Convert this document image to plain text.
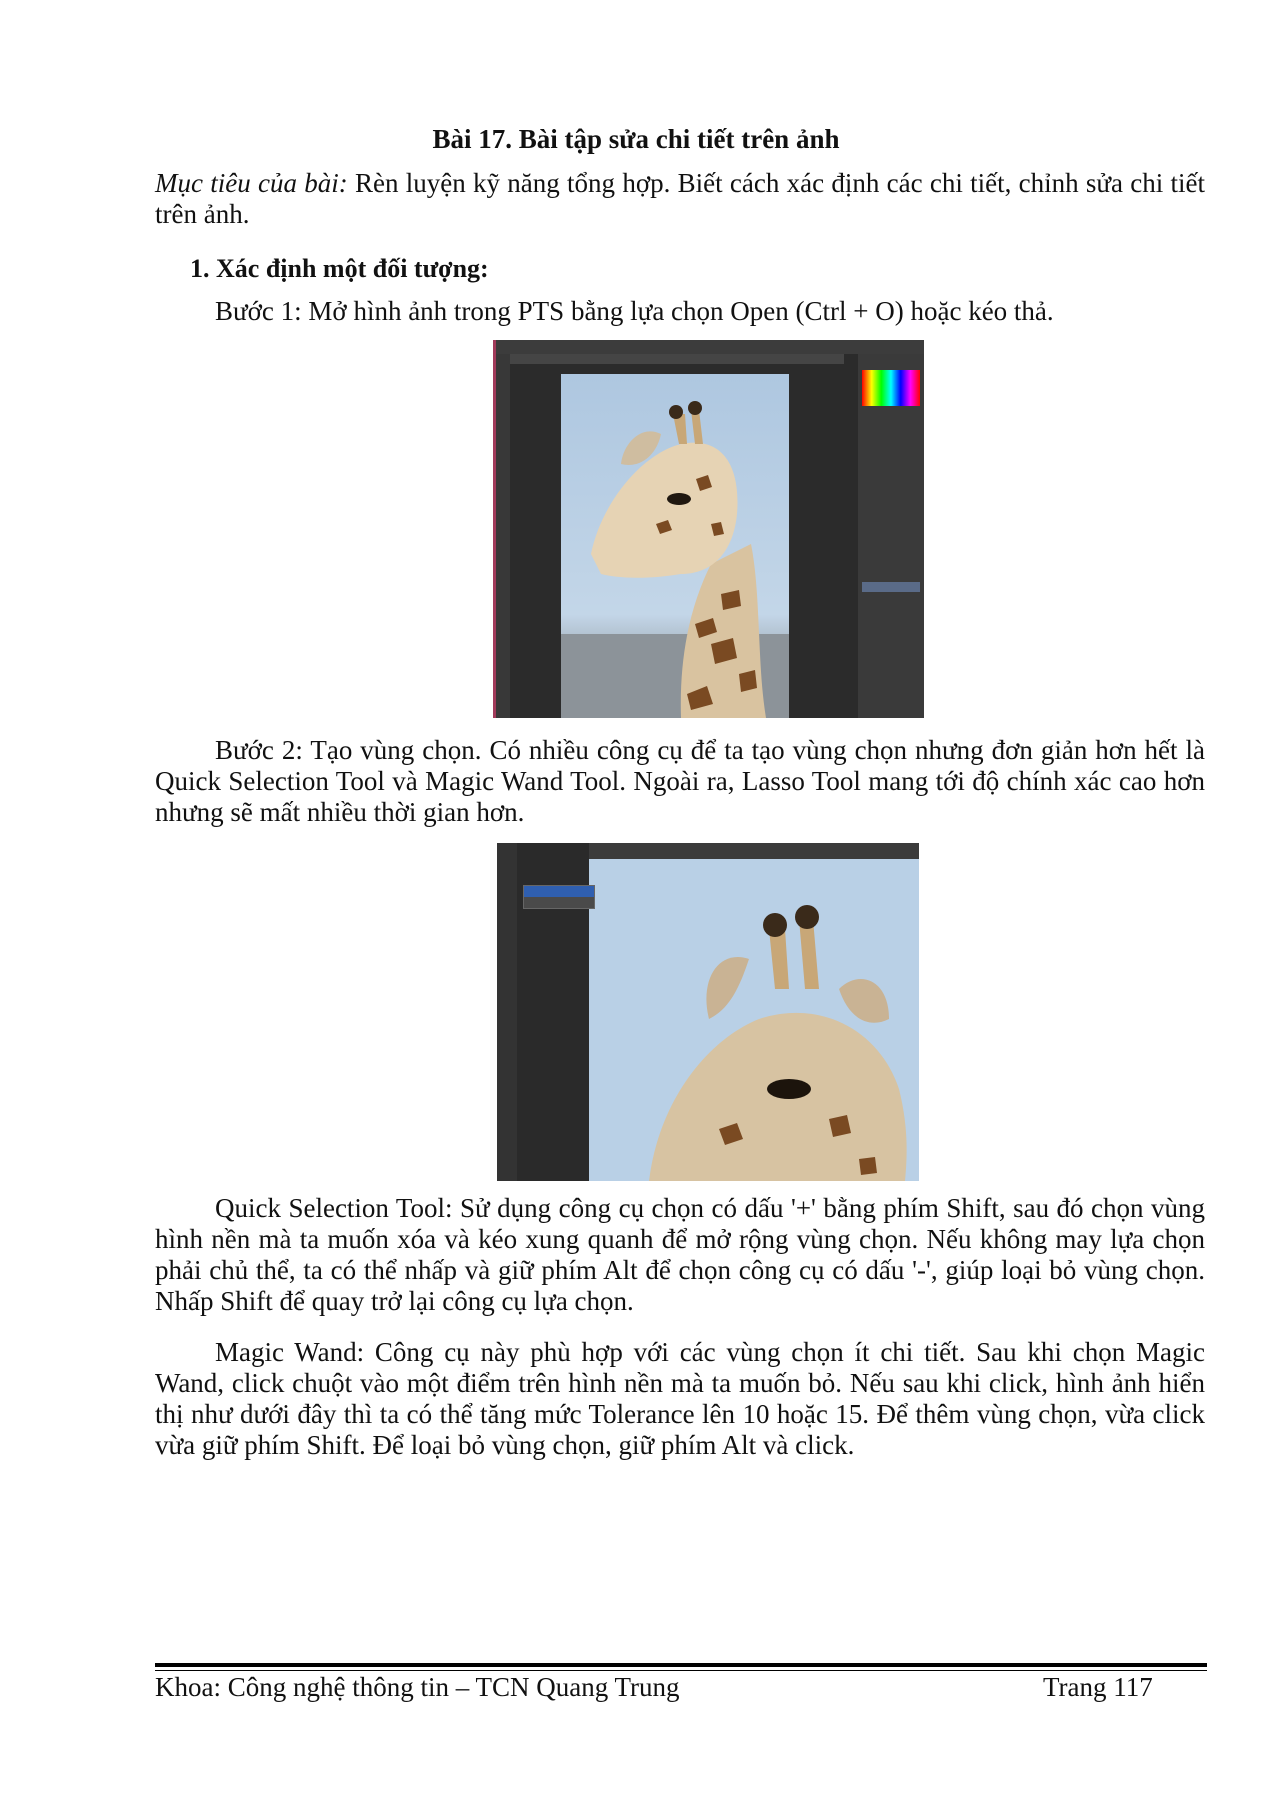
Bài 17. Bài tập sửa chi tiết trên ảnh
Mục tiêu của bài: Rèn luyện kỹ năng tổng hợp. Biết cách xác định các chi tiết, chỉnh sửa chi tiết trên ảnh.
1. Xác định một đối tượng:
Bước 1: Mở hình ảnh trong PTS bằng lựa chọn Open (Ctrl + O) hoặc kéo thả.
Bước 2: Tạo vùng chọn. Có nhiều công cụ để ta tạo vùng chọn nhưng đơn giản hơn hết là Quick Selection Tool và Magic Wand Tool. Ngoài ra, Lasso Tool mang tới độ chính xác cao hơn nhưng sẽ mất nhiều thời gian hơn.
Quick Selection Tool: Sử dụng công cụ chọn có dấu '+' bằng phím Shift, sau đó chọn vùng hình nền mà ta muốn xóa và kéo xung quanh để mở rộng vùng chọn. Nếu không may lựa chọn phải chủ thể, ta có thể nhấp và giữ phím Alt để chọn công cụ có dấu '-', giúp loại bỏ vùng chọn. Nhấp Shift để quay trở lại công cụ lựa chọn.
Magic Wand: Công cụ này phù hợp với các vùng chọn ít chi tiết. Sau khi chọn Magic Wand, click chuột vào một điểm trên hình nền mà ta muốn bỏ. Nếu sau khi click, hình ảnh hiển thị như dưới đây thì ta có thể tăng mức Tolerance lên 10 hoặc 15. Để thêm vùng chọn, vừa click vừa giữ phím Shift. Để loại bỏ vùng chọn, giữ phím Alt và click.
Khoa: Công nghệ thông tin – TCN Quang Trung	Trang 117
